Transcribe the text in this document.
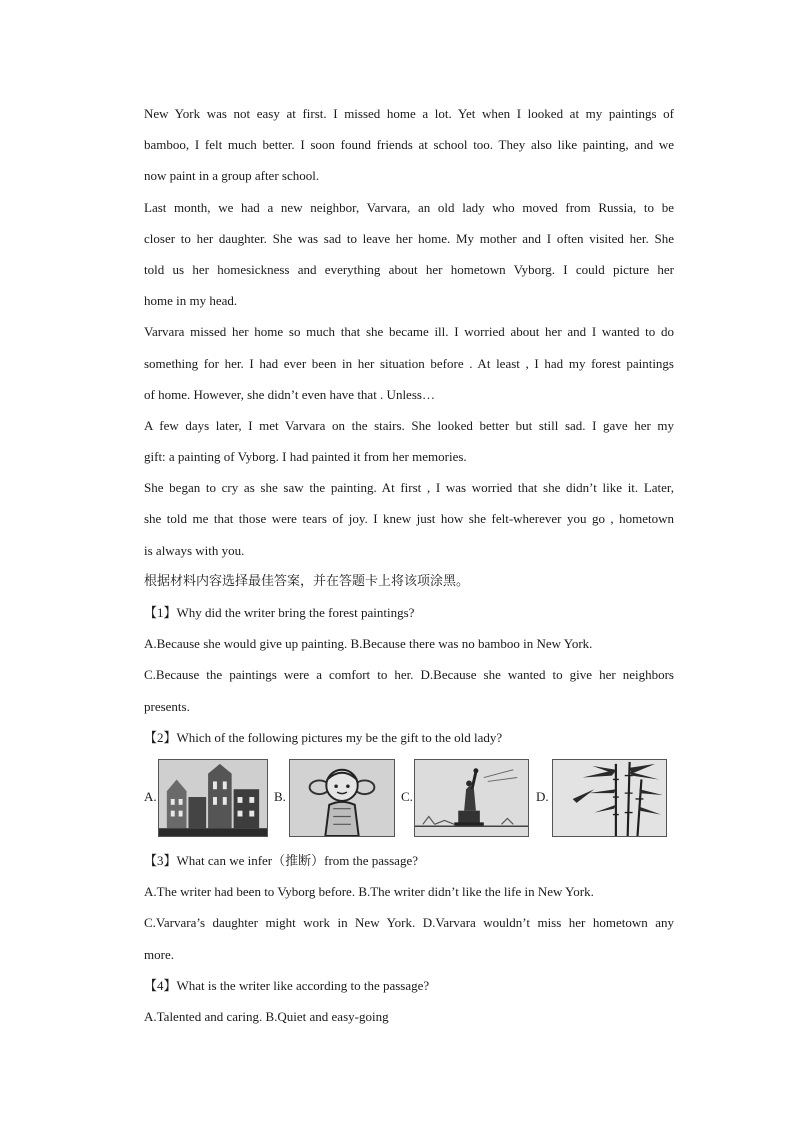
New York was not easy at first. I missed home a lot. Yet when I looked at my paintings of
bamboo, I felt much better. I soon found friends at school too. They also like painting, and we
now paint in a group after school.
Last month, we had a new neighbor, Varvara, an old lady who moved from Russia, to be
closer to her daughter. She was sad to leave her home. My mother and I often visited her. She
told us her homesickness and everything about her hometown Vyborg. I could picture her
home in my head.
Varvara missed her home so much that she became ill. I worried about her and I wanted to do
something for her. I had ever been in her situation before . At least , I had my forest paintings
of home. However, she didn’t even have that . Unless…
A few days later, I met Varvara on the stairs. She looked better but still sad. I gave her my
gift: a painting of Vyborg. I had painted it from her memories.
She began to cry as she saw the painting. At first , I was worried that she didn’t like it. Later,
she told me that those were tears of joy. I knew just how she felt-wherever you go , hometown
is always with you.
根据材料内容选择最佳答案，并在答题卡上将该项涂黑。
【1】Why did the writer bring the forest paintings?
A.Because she would give up painting. B.Because there was no bamboo in New York.
C.Because the paintings were a comfort to her. D.Because she wanted to give her neighbors
presents.
【2】Which of the following pictures my be the gift to the old lady?
A.	B.	C.	D.
【3】What can we infer（推断）from the passage?
A.The writer had been to Vyborg before. B.The writer didn’t like the life in New York.
C.Varvara’s daughter might work in New York. D.Varvara wouldn’t miss her hometown any
more.
【4】What is the writer like according to the passage?
A.Talented and caring. B.Quiet and easy-going
